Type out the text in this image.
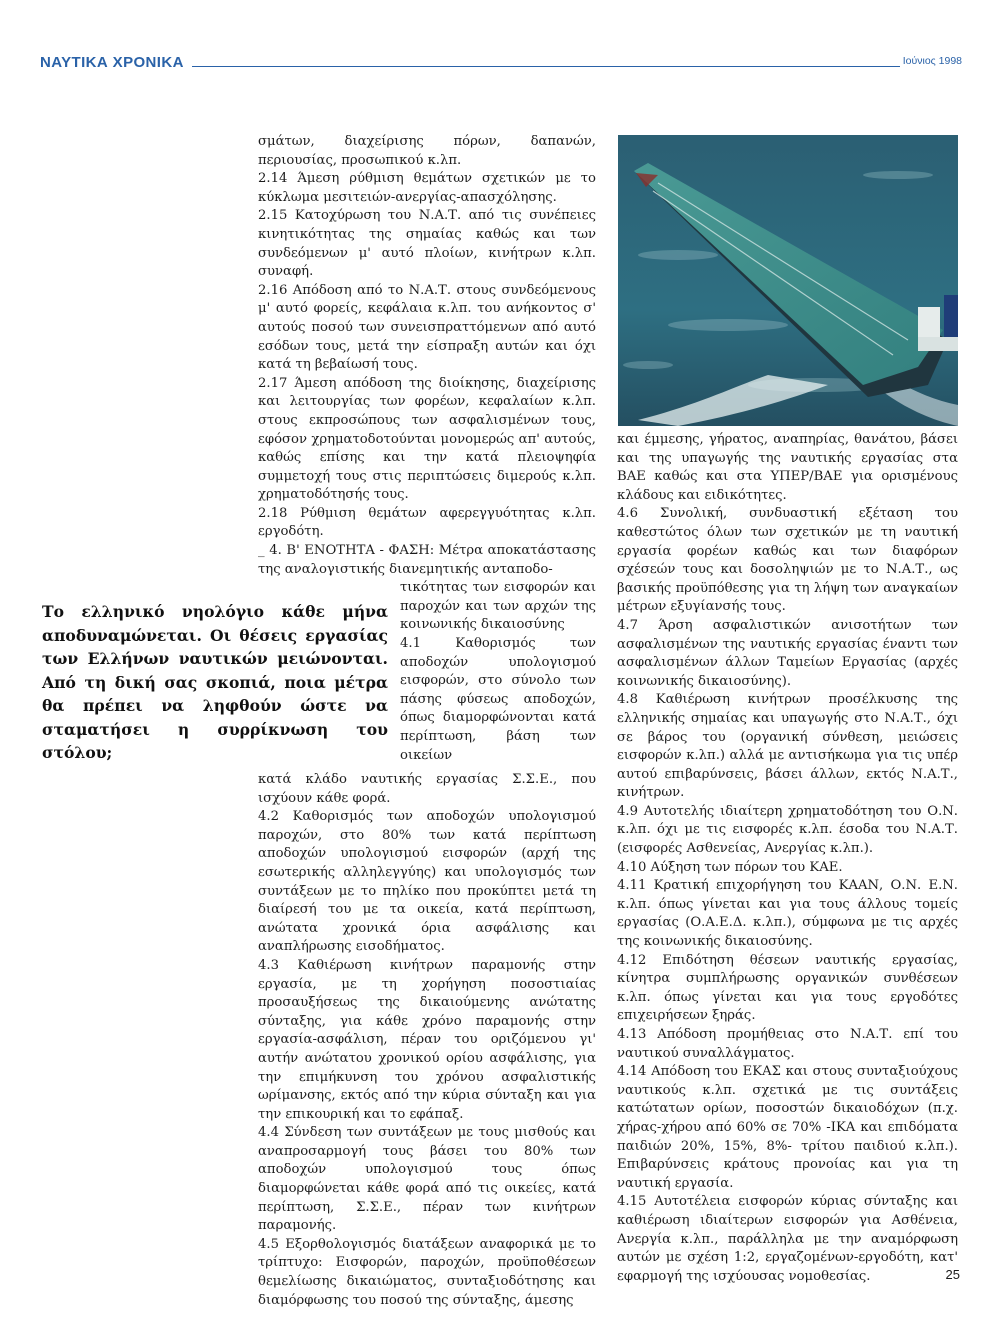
ΝΑΥΤΙΚΑ ΧΡΟΝΙΚΑ	Ιούνιος 1998

σμάτων, διαχείρισης πόρων, δαπανών, περιουσίας, προσωπικού κ.λπ.

2.14 Άμεση ρύθμιση θεμάτων σχετικών με το κύκλωμα μεσιτειών-ανεργίας-απασχόλησης.

2.15 Κατοχύρωση του Ν.Α.Τ. από τις συνέπειες κινητικότητας της σημαίας καθώς και των συνδεόμενων μ' αυτό πλοίων, κινήτρων κ.λπ. συναφή.

2.16 Απόδοση από το Ν.Α.Τ. στους συνδεόμενους μ' αυτό φορείς, κεφάλαια κ.λπ. του ανήκοντος σ' αυτούς ποσού των συνεισπραττόμενων από αυτό εσόδων τους, μετά την είσπραξη αυτών και όχι κατά τη βεβαίωσή τους.

2.17 Άμεση απόδοση της διοίκησης, διαχείρισης και λειτουργίας των φορέων, κεφαλαίων κ.λπ. στους εκπροσώπους των ασφαλισμένων τους, εφόσον χρηματοδοτούνται μονομερώς απ' αυτούς, καθώς επίσης και την κατά πλειοψηφία συμμετοχή τους στις περιπτώσεις διμερούς κ.λπ. χρηματοδότησής τους.

2.18 Ρύθμιση θεμάτων αφερεγγυότητας κ.λπ. εργοδότη.

_ 4. Β' ΕΝΟΤΗΤΑ - ΦΑΣΗ: Μέτρα αποκατάστασης της αναλογιστικής διανεμητικής ανταποδο-

τικότητας των εισφορών και παροχών και των αρχών της κοινωνικής δικαιοσύνης

4.1 Καθορισμός των αποδοχών υπολογισμού εισφορών, στο σύνολο των πάσης φύσεως αποδοχών, όπως διαμορφώνονται κατά περίπτωση, βάση των οικείων

Το ελληνικό νηολόγιο κάθε μήνα αποδυναμώνεται. Οι θέσεις εργασίας των Ελλήνων ναυτικών μειώνονται. Από τη δική σας σκοπιά, ποια μέτρα θα πρέπει να ληφθούν ώστε να σταματήσει η συρρίκνωση του στόλου;

κατά κλάδο ναυτικής εργασίας Σ.Σ.Ε., που ισχύουν κάθε φορά.

4.2 Καθορισμός των αποδοχών υπολογισμού παροχών, στο 80% των κατά περίπτωση αποδοχών υπολογισμού εισφορών (αρχή της εσωτερικής αλληλεγγύης) και υπολογισμός των συντάξεων με το πηλίκο που προκύπτει μετά τη διαίρεσή του με τα οικεία, κατά περίπτωση, ανώτατα χρονικά όρια ασφάλισης και αναπλήρωσης εισοδήματος.

4.3 Καθιέρωση κινήτρων παραμονής στην εργασία, με τη χορήγηση ποσοστιαίας προσαυξήσεως της δικαιούμενης ανώτατης σύνταξης, για κάθε χρόνο παραμονής στην εργασία-ασφάλιση, πέραν του οριζόμενου γι' αυτήν ανώτατου χρονικού ορίου ασφάλισης, για την επιμήκυνση του χρόνου ασφαλιστικής ωρίμανσης, εκτός από την κύρια σύνταξη και για την επικουρική και το εφάπαξ.

4.4 Σύνδεση των συντάξεων με τους μισθούς και αναπροσαρμογή τους βάσει του 80% των αποδοχών υπολογισμού τους όπως διαμορφώνεται κάθε φορά από τις οικείες, κατά περίπτωση, Σ.Σ.Ε., πέραν των κινήτρων παραμονής.

4.5 Εξορθολογισμός διατάξεων αναφορικά με το τρίπτυχο: Εισφορών, παροχών, προϋποθέσεων θεμελίωσης δικαιώματος, συνταξιοδότησης και διαμόρφωσης του ποσού της σύνταξης, άμεσης

και έμμεσης, γήρατος, αναπηρίας, θανάτου, βάσει και της υπαγωγής της ναυτικής εργασίας στα ΒΑΕ καθώς και στα ΥΠΕΡ/ΒΑΕ για ορισμένους κλάδους και ειδικότητες.

4.6 Συνολική, συνδυαστική εξέταση του καθεστώτος όλων των σχετικών με τη ναυτική εργασία φορέων καθώς και των διαφόρων σχέσεών τους και δοσοληψιών με το Ν.Α.Τ., ως βασικής προϋπόθεσης για τη λήψη των αναγκαίων μέτρων εξυγίανσής τους.

4.7 Άρση ασφαλιστικών ανισοτήτων των ασφαλισμένων της ναυτικής εργασίας έναντι των ασφαλισμένων άλλων Ταμείων Εργασίας (αρχές κοινωνικής δικαιοσύνης).

4.8 Καθιέρωση κινήτρων προσέλκυσης της ελληνικής σημαίας και υπαγωγής στο Ν.Α.Τ., όχι σε βάρος του (οργανική σύνθεση, μειώσεις εισφορών κ.λπ.) αλλά με αντισήκωμα για τις υπέρ αυτού επιβαρύνσεις, βάσει άλλων, εκτός Ν.Α.Τ., κινήτρων.

4.9 Αυτοτελής ιδιαίτερη χρηματοδότηση του Ο.Ν. κ.λπ. όχι με τις εισφορές κ.λπ. έσοδα του Ν.Α.Τ. (εισφορές Ασθενείας, Ανεργίας κ.λπ.).

4.10 Αύξηση των πόρων του ΚΑΕ.

4.11 Κρατική επιχορήγηση του ΚΑΑΝ, Ο.Ν. Ε.Ν. κ.λπ. όπως γίνεται και για τους άλλους τομείς εργασίας (Ο.Α.Ε.Δ. κ.λπ.), σύμφωνα με τις αρχές της κοινωνικής δικαιοσύνης.

4.12 Επιδότηση θέσεων ναυτικής εργασίας, κίνητρα συμπλήρωσης οργανικών συνθέσεων κ.λπ. όπως γίνεται και για τους εργοδότες επιχειρήσεων ξηράς.

4.13 Απόδοση προμήθειας στο Ν.Α.Τ. επί του ναυτικού συναλλάγματος.

4.14 Απόδοση του ΕΚΑΣ και στους συνταξιούχους ναυτικούς κ.λπ. σχετικά με τις συντάξεις κατώτατων ορίων, ποσοστών δικαιοδόχων (π.χ. χήρας-χήρου από 60% σε 70% -ΙΚΑ και επιδόματα παιδιών 20%, 15%, 8%- τρίτου παιδιού κ.λπ.). Επιβαρύνσεις κράτους προνοίας και για τη ναυτική εργασία.

4.15 Αυτοτέλεια εισφορών κύριας σύνταξης και καθιέρωση ιδιαίτερων εισφορών για Ασθένεια, Ανεργία κ.λπ., παράλληλα με την αναμόρφωση αυτών με σχέση 1:2, εργαζομένων-εργοδότη, κατ' εφαρμογή της ισχύουσας νομοθεσίας.	25
